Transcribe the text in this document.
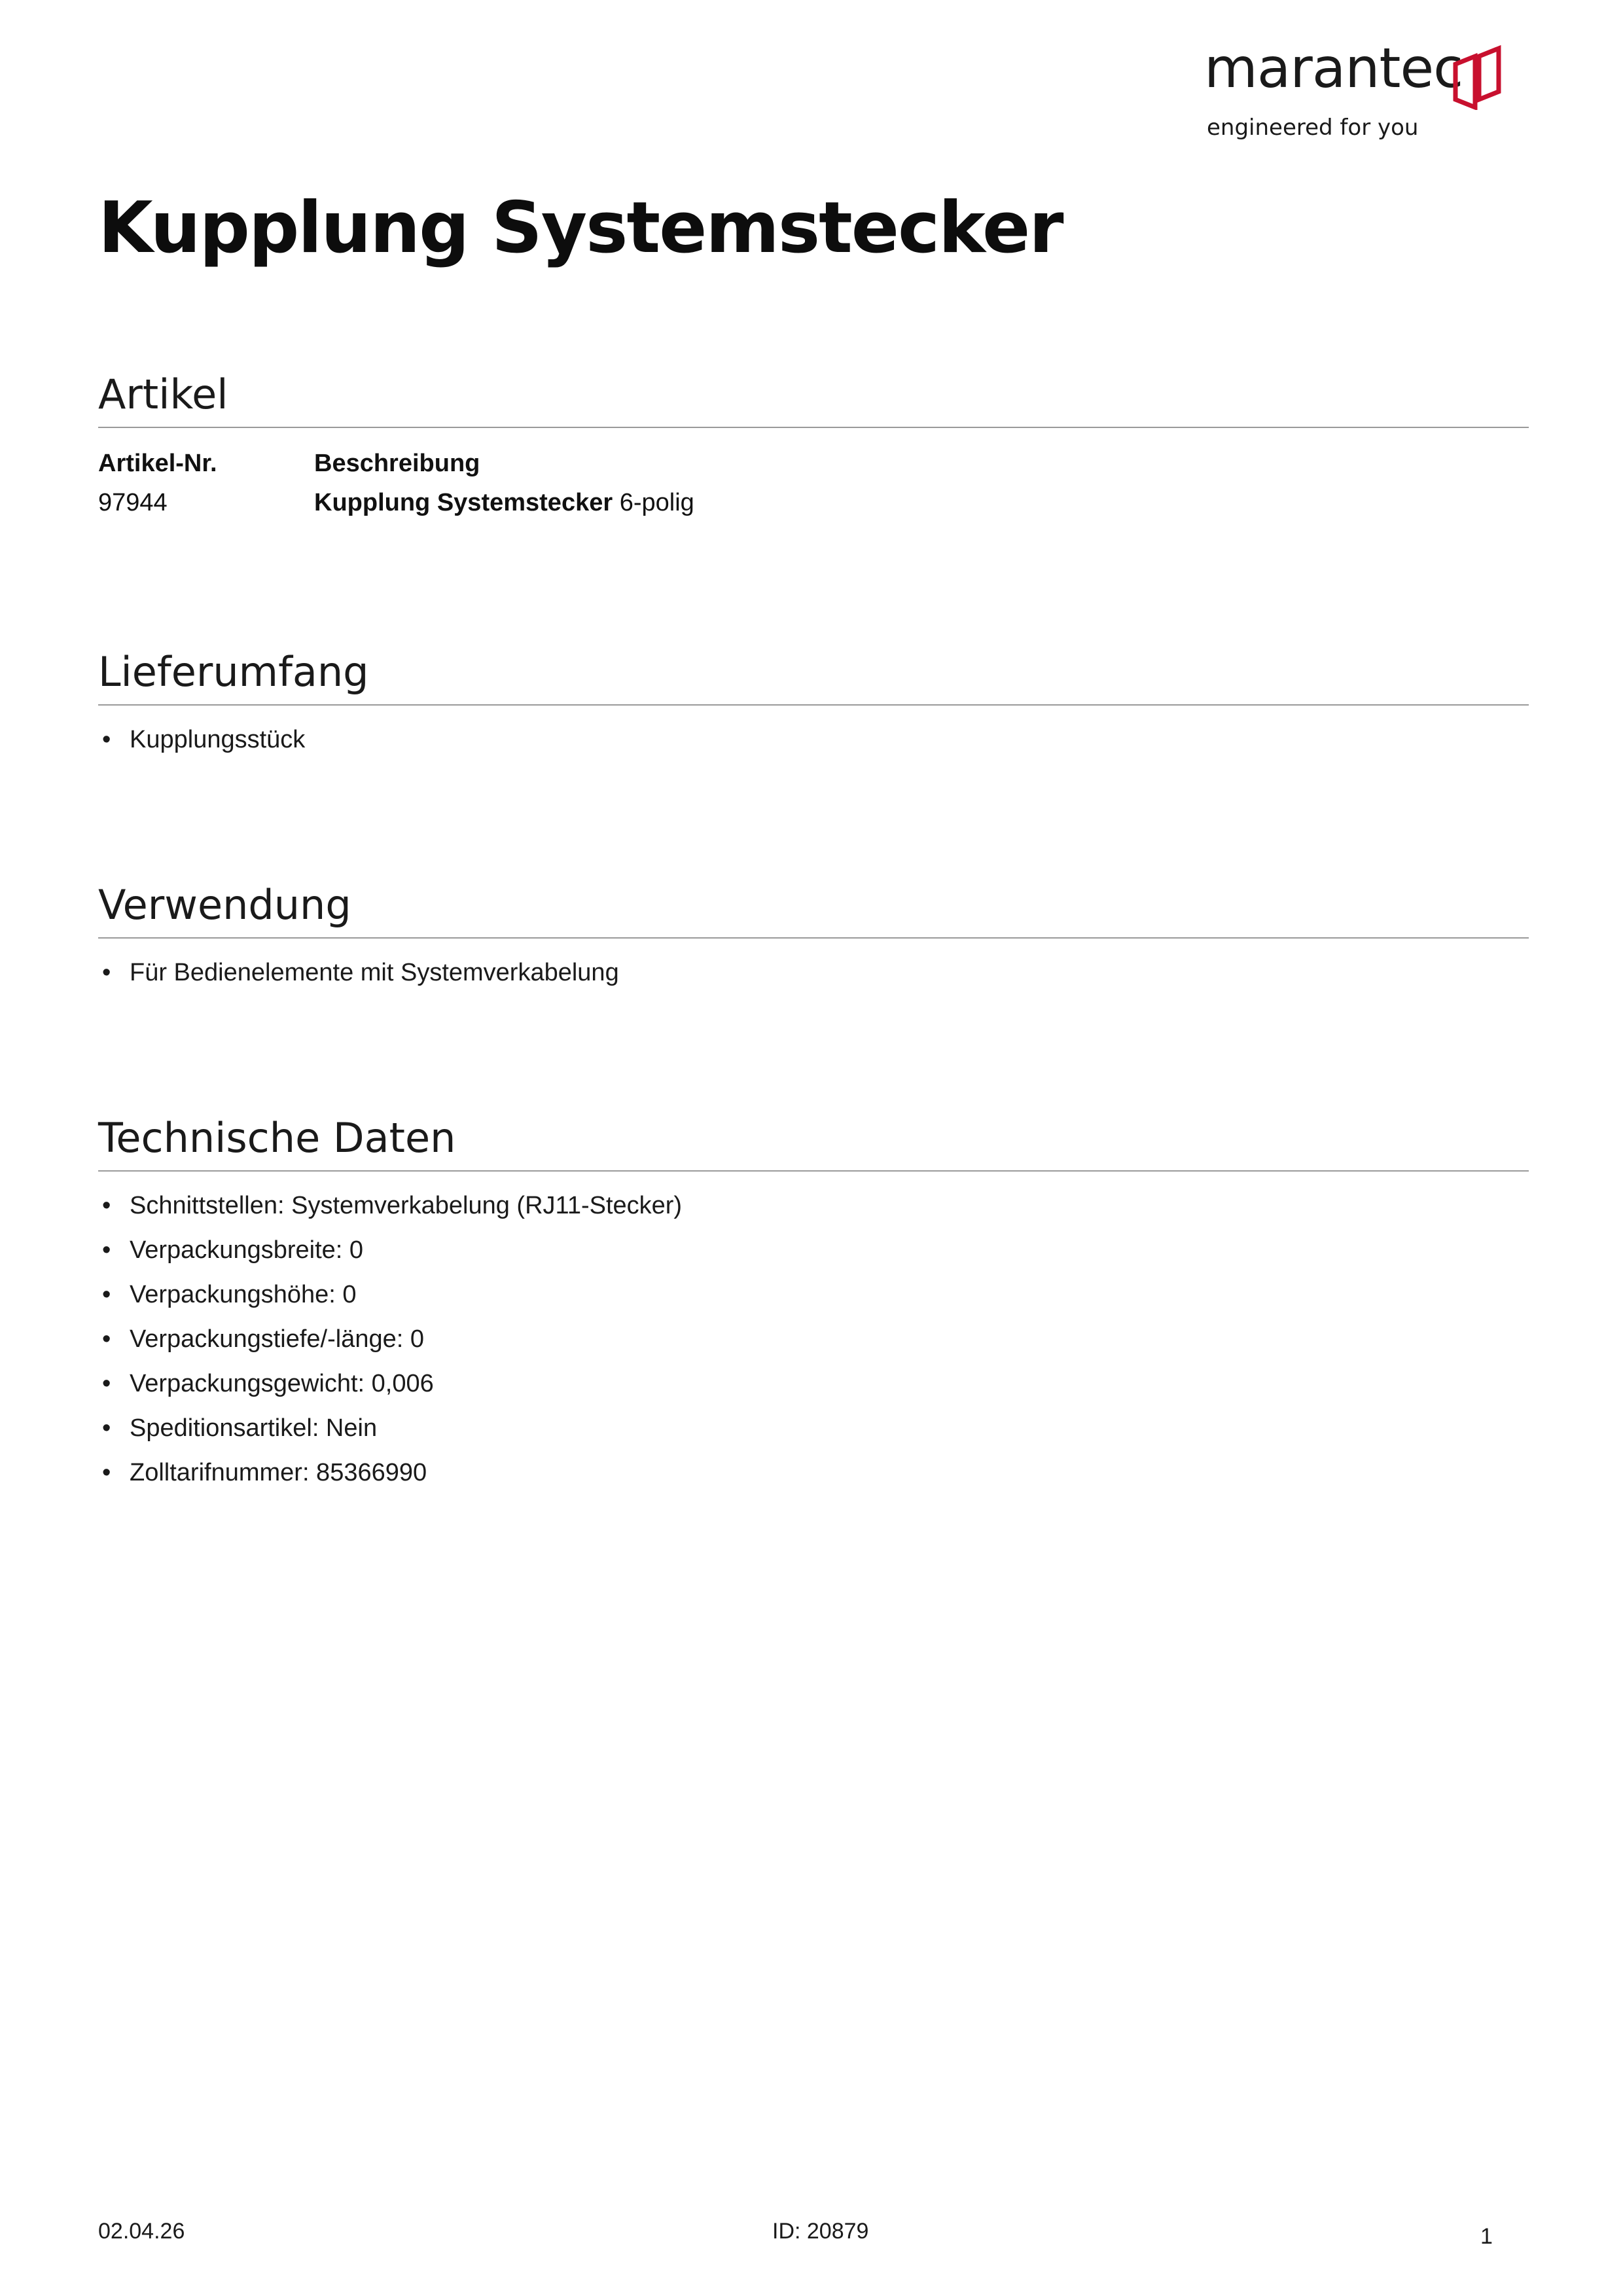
marantec
engineered for you
Kupplung Systemstecker
Artikel
Artikel-Nr.	Beschreibung
97944	Kupplung Systemstecker 6-polig
Lieferumfang
• Kupplungsstück
Verwendung
• Für Bedienelemente mit Systemverkabelung
Technische Daten
• Schnittstellen: Systemverkabelung (RJ11-Stecker)
• Verpackungsbreite: 0
• Verpackungshöhe: 0
• Verpackungstiefe/-länge: 0
• Verpackungsgewicht: 0,006
• Speditionsartikel: Nein
• Zolltarifnummer: 85366990
02.04.26	ID: 20879	1
